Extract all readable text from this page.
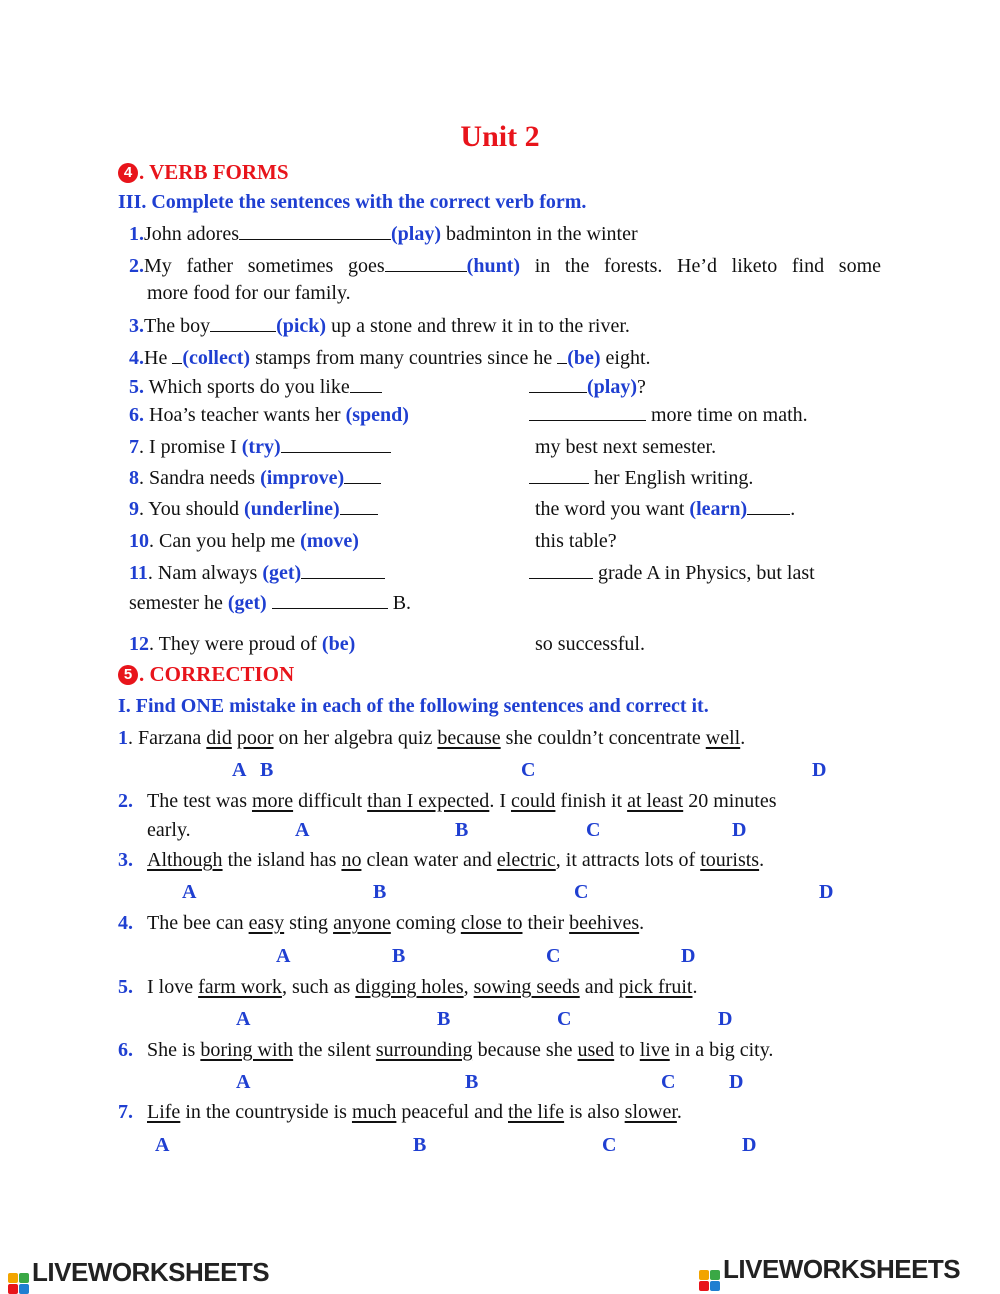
Unit 2
4 . VERB FORMS
III. Complete the sentences with the correct verb form.
1.John adores	(play) badminton in the winter
2.My father sometimes goes	(hunt) in the forests. He’d liketo find some
more food for our family.
3.The boy	(pick) up a stone and threw it in to the river.
4.He (collect) stamps from many countries since he (be) eight.
5. Which sports do you like	(play)?
6. Hoa’s teacher wants her (spend)	more time on math.
7. I promise I (try)	my best next semester.
8. Sandra needs (improve)	her English writing.
9. You should (underline)	the word you want (learn) .
10. Can you help me (move)	this table?
11. Nam always (get)	grade A in Physics, but last
semester he (get)	B.
12. They were proud of (be)	so successful.
5 . CORRECTION
I. Find ONE mistake in each of the following sentences and correct it.
1. Farzana did poor on her algebra quiz because she couldn’t concentrate well.
A B	C	D
2. The test was more difficult than I expected. I could finish it at least 20 minutes
early.	A	B	C	D
3. Although the island has no clean water and electric, it attracts lots of tourists.
A	B	C	D
4. The bee can easy sting anyone coming close to their beehives.
A	B	C	D
5. I love farm work, such as digging holes, sowing seeds and pick fruit.
A	B	C	D
6. She is boring with the silent surrounding because she used to live in a big city.
A	B	C	D
7. Life in the countryside is much peaceful and the life is also slower.
A	B	C	D
LIVEWORKSHEETS	LIVEWORKSHEETS
